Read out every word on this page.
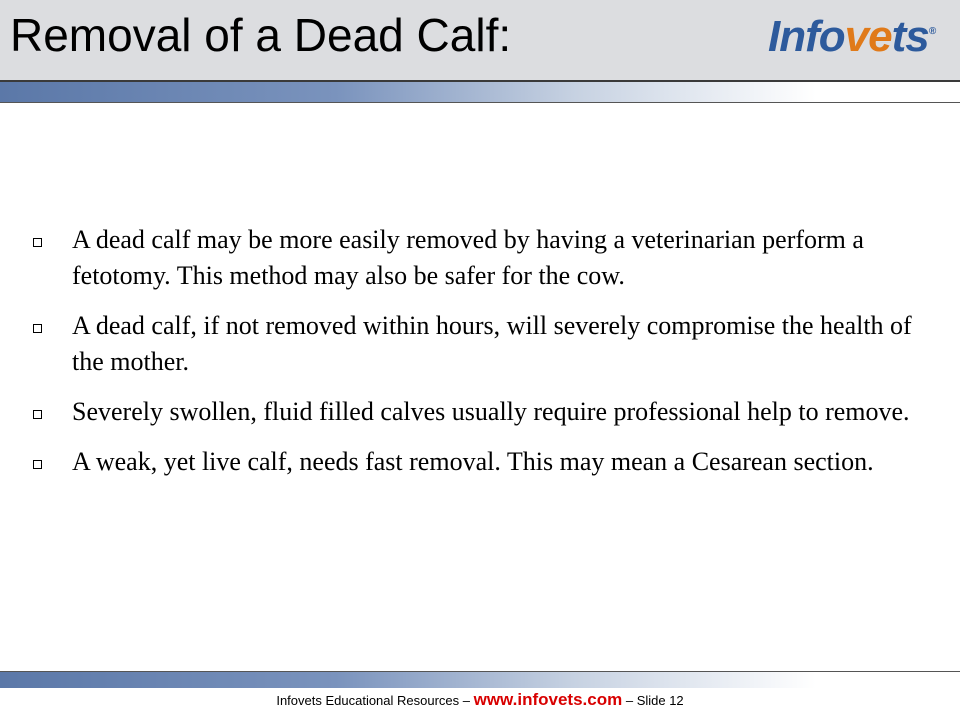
Removal of a Dead Calf:	Infovets®
A dead calf may be more easily removed by having a veterinarian perform a fetotomy. This method may also be safer for the cow.
A dead calf, if not removed within hours, will severely compromise the health of the mother.
Severely swollen, fluid filled calves usually require professional help to remove.
A weak, yet live calf, needs fast removal. This may mean a Cesarean section.
Infovets Educational Resources – www.infovets.com – Slide 12
